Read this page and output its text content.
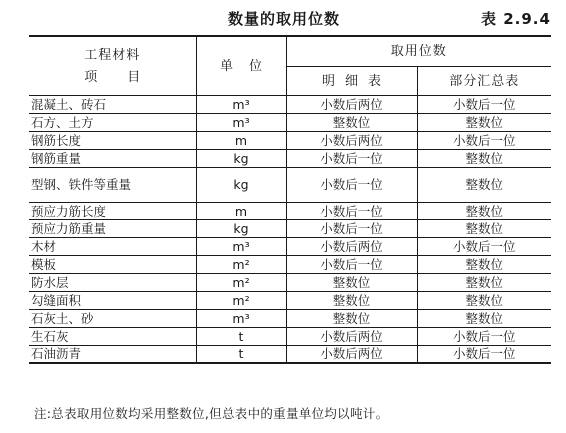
数量的取用位数	表 2.9.4
工程材料
项目	单位	取用位数	
		明细表	部分汇总表
混凝土、砖石	m³	小数后两位	小数后一位
石方、土方	m³	整数位	整数位
钢筋长度	m	小数后两位	小数后一位
钢筋重量	kg	小数后一位	整数位
型钢、铁件等重量	kg	小数后一位	整数位
预应力筋长度	m	小数后一位	整数位
预应力筋重量	kg	小数后一位	整数位
木材	m³	小数后两位	小数后一位
模板	m²	小数后一位	整数位
防水层	m²	整数位	整数位
勾缝面积	m²	整数位	整数位
石灰土、砂	m³	整数位	整数位
生石灰	t	小数后两位	小数后一位
石油沥青	t	小数后两位	小数后一位
注:总表取用位数均采用整数位,但总表中的重量单位均以吨计。
